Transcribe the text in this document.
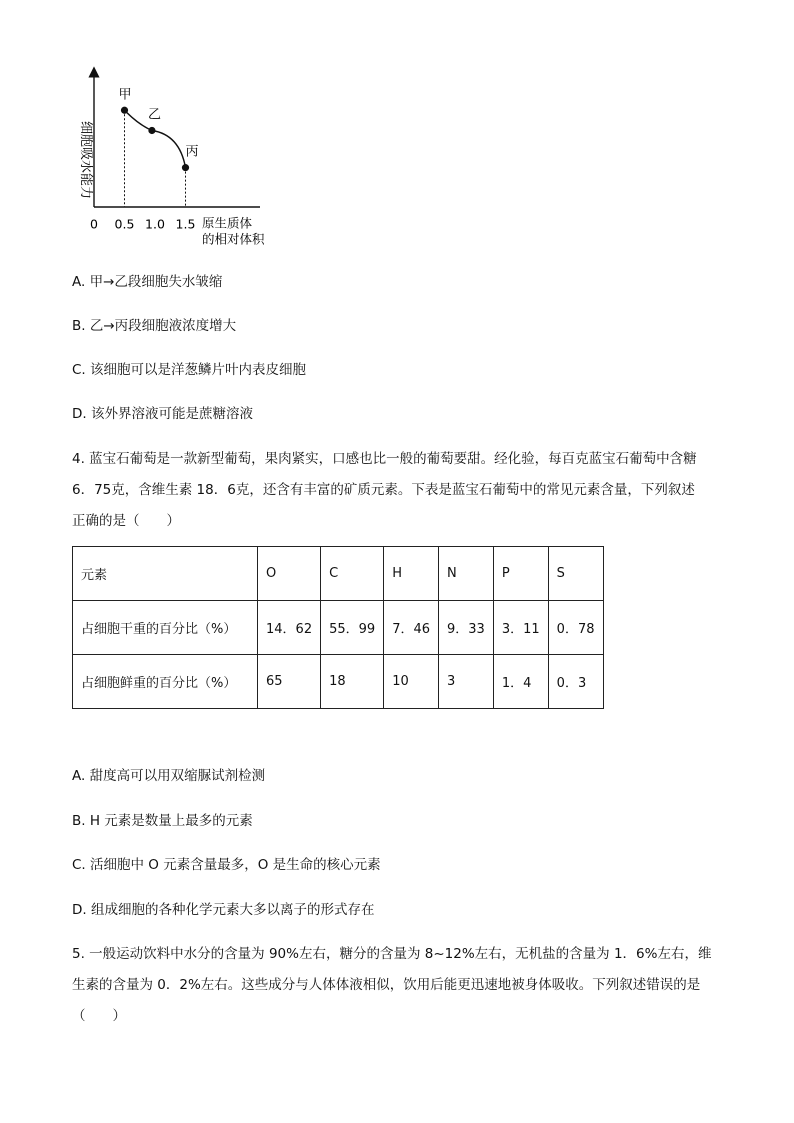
细胞吸水能力
0	原生质体
的相对体积
0.5 1.0 1.5
甲
乙
丙
A. 甲→乙段细胞失水皱缩
B. 乙→丙段细胞液浓度增大
C. 该细胞可以是洋葱鳞片叶内表皮细胞
D. 该外界溶液可能是蔗糖溶液
4. 蓝宝石葡萄是一款新型葡萄，果肉紧实，口感也比一般的葡萄要甜。经化验，每百克蓝宝石葡萄中含糖
6．75克，含维生素 18．6克，还含有丰富的矿质元素。下表是蓝宝石葡萄中的常见元素含量，下列叙述
正确的是（　　）
元素	O	C	H	N	P	S
占细胞干重的百分比（%）	14．62	55．99	7．46	9．33	3．11	0．78
占细胞鲜重的百分比（%）	65	18	10	3	1．4	0．3
A. 甜度高可以用双缩脲试剂检测
B. H 元素是数量上最多的元素
C. 活细胞中 O 元素含量最多，O 是生命的核心元素
D. 组成细胞的各种化学元素大多以离子的形式存在
5. 一般运动饮料中水分的含量为 90%左右，糖分的含量为 8~12%左右，无机盐的含量为 1．6%左右，维
生素的含量为 0．2%左右。这些成分与人体体液相似，饮用后能更迅速地被身体吸收。下列叙述错误的是
（　　）
